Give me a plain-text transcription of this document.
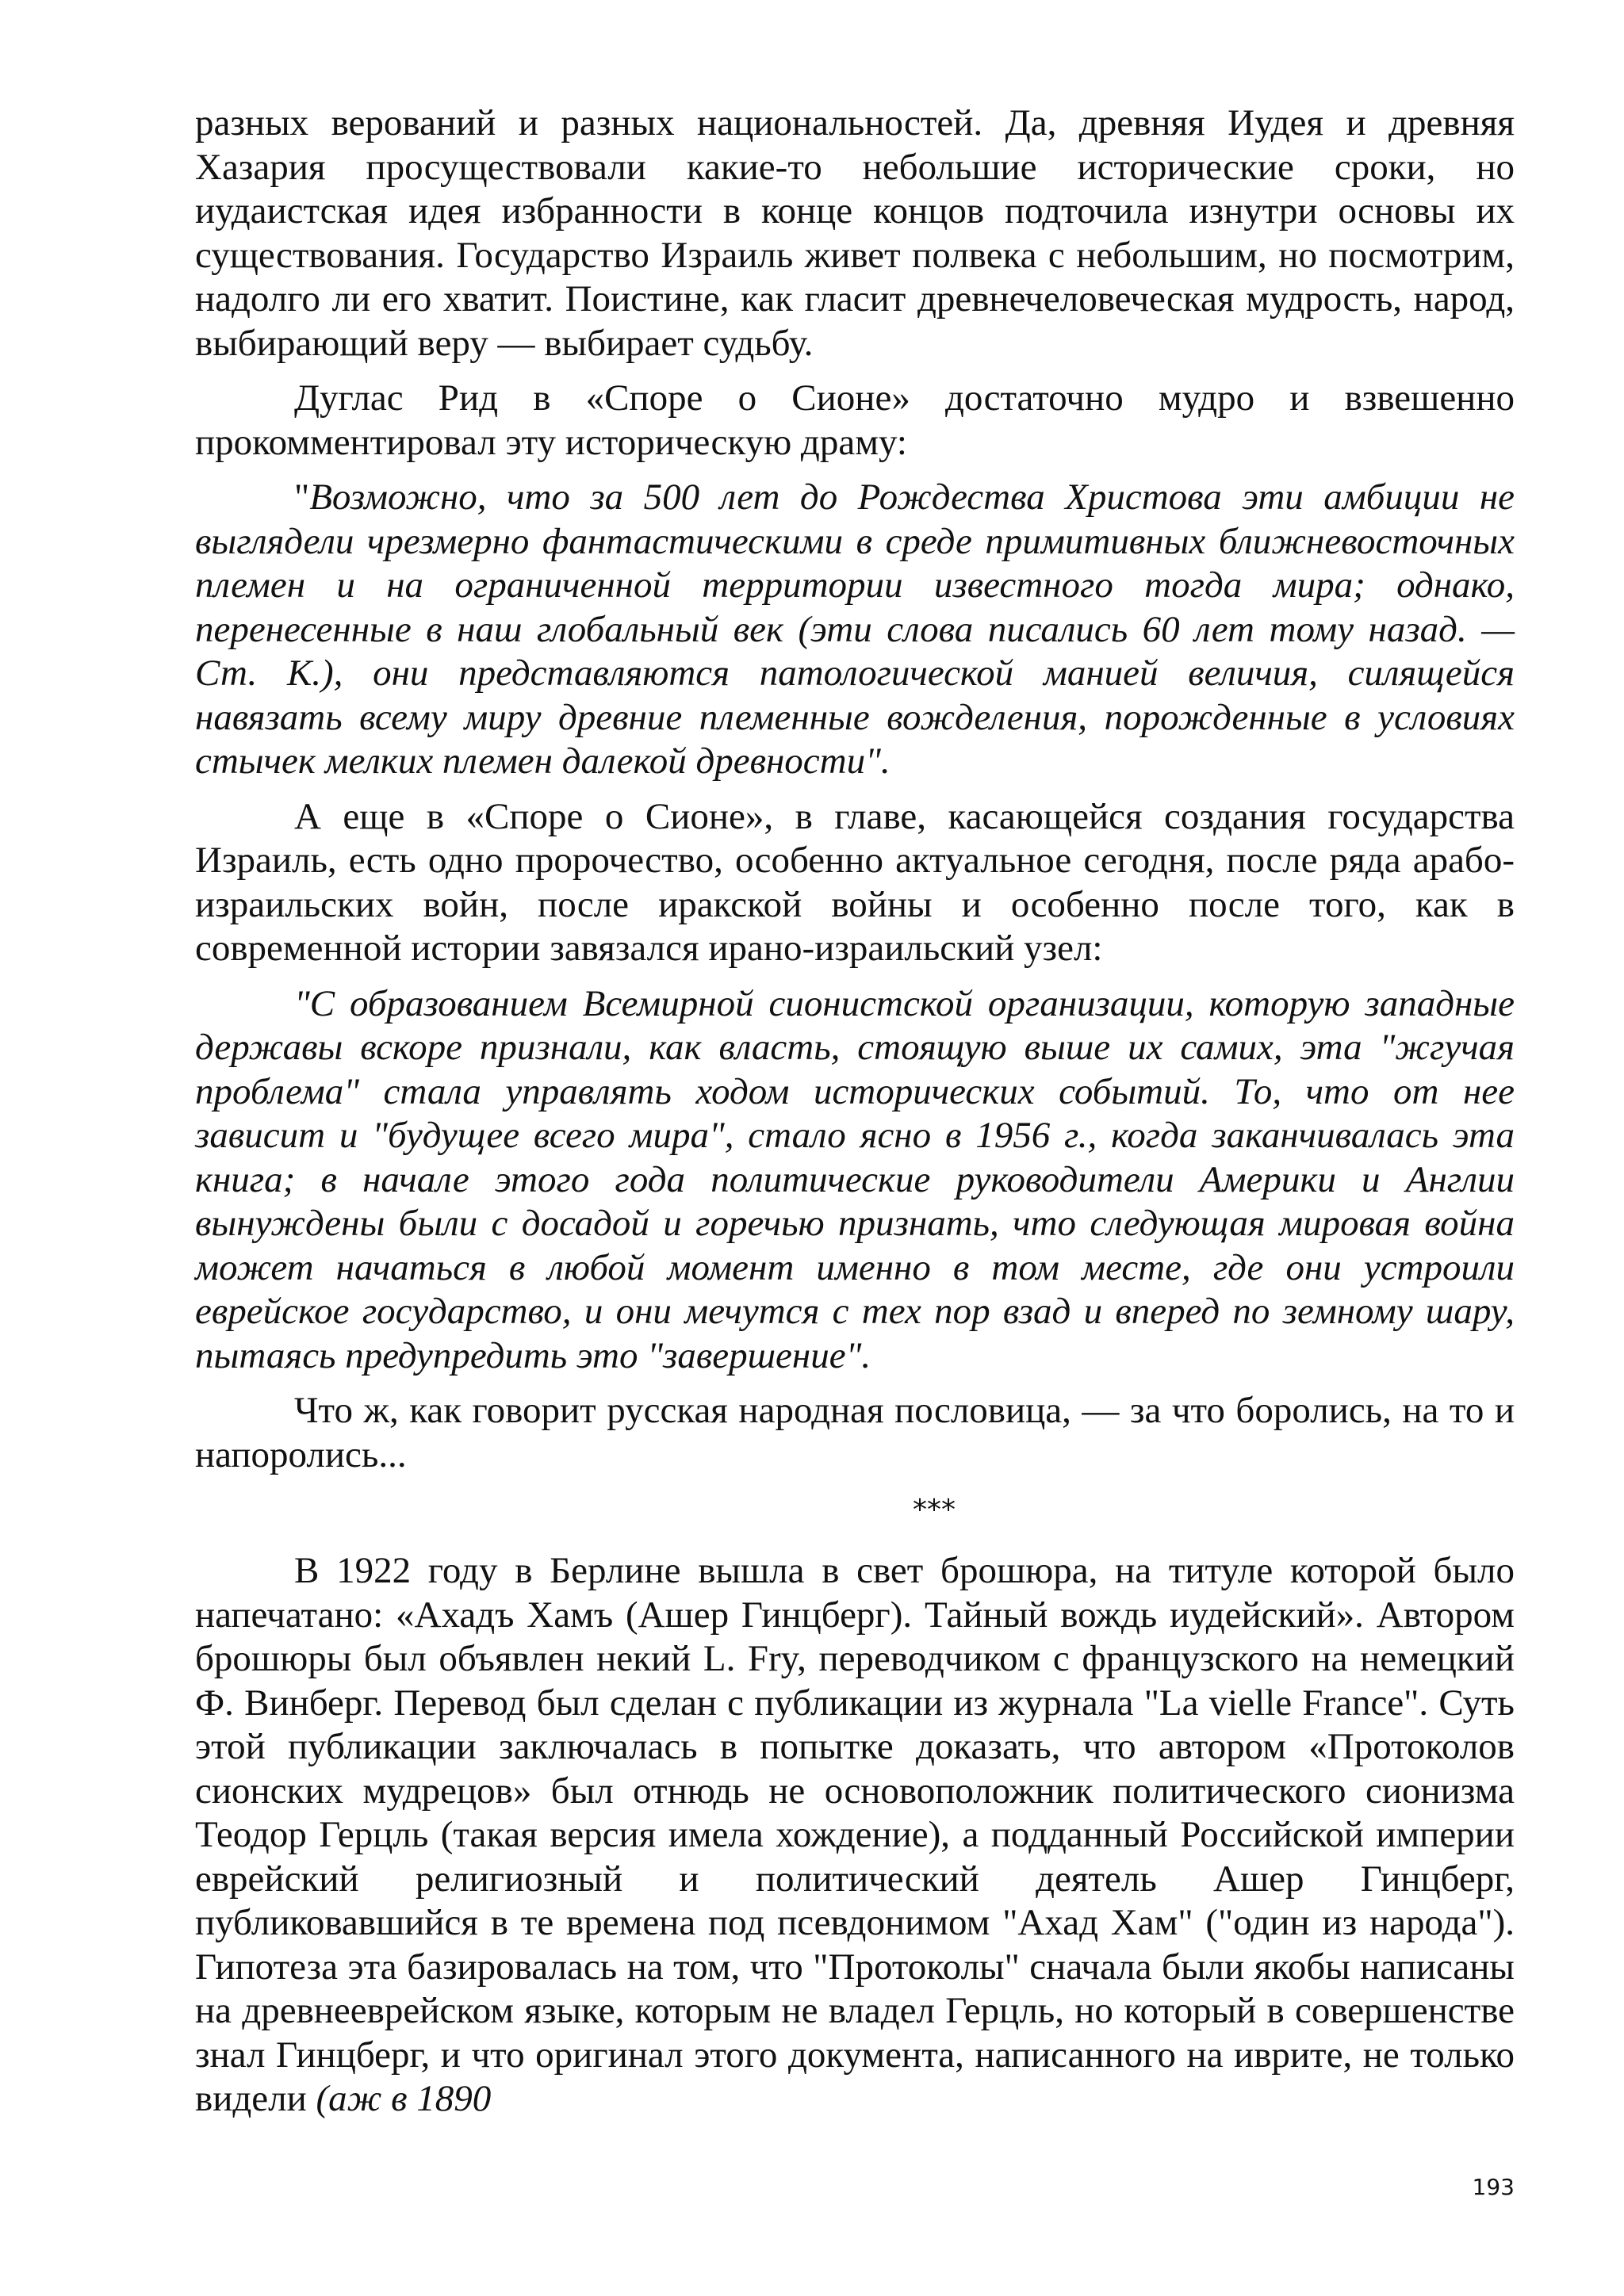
разных верований и разных национальностей. Да, древняя Иудея и древняя Хазария просуществовали какие-то небольшие исторические сроки, но иудаистская идея избранности в конце концов подточила изнутри основы их существования. Государство Израиль живет полвека с небольшим, но посмотрим, надолго ли его хватит. Поистине, как гласит древнечеловеческая мудрость, народ, выбирающий веру — выбирает судьбу.

Дуглас Рид в «Споре о Сионе» достаточно мудро и взвешенно прокомментировал эту историческую драму:

"Возможно, что за 500 лет до Рождества Христова эти амбиции не выглядели чрезмерно фантастическими в среде примитивных ближневосточных племен и на ограниченной территории известного тогда мира; однако, перенесенные в наш глобальный век (эти слова писались 60 лет тому назад. — Ст. К.), они представляются патологической манией величия, силящейся навязать всему миру древние племенные вожделения, порожденные в условиях стычек мелких племен далекой древности".

А еще в «Споре о Сионе», в главе, касающейся создания государства Израиль, есть одно пророчество, особенно актуальное сегодня, после ряда арабо-израильских войн, после иракской войны и особенно после того, как в современной истории завязался ирано-израильский узел:

"С образованием Всемирной сионистской организации, которую западные державы вскоре признали, как власть, стоящую выше их самих, эта "жгучая проблема" стала управлять ходом исторических событий. То, что от нее зависит и "будущее всего мира", стало ясно в 1956 г., когда заканчивалась эта книга; в начале этого года политические руководители Америки и Англии вынуждены были с досадой и горечью признать, что следующая мировая война может начаться в любой момент именно в том месте, где они устроили еврейское государство, и они мечутся с тех пор взад и вперед по земному шару, пытаясь предупредить это "завершение".

Что ж, как говорит русская народная пословица, — за что боролись, на то и напоролись...

***

В 1922 году в Берлине вышла в свет брошюра, на титуле которой было напечатано: «Ахадъ Хамъ (Ашер Гинцберг). Тайный вождь иудейский». Автором брошюры был объявлен некий L. Fry, переводчиком с французского на немецкий Ф. Винберг. Перевод был сделан с публикации из журнала "La vielle France". Суть этой публикации заключалась в попытке доказать, что автором «Протоколов сионских мудрецов» был отнюдь не основоположник политического сионизма Теодор Герцль (такая версия имела хождение), а подданный Российской империи еврейский религиозный и политический деятель Ашер Гинцберг, публиковавшийся в те времена под псевдонимом "Ахад Хам" ("один из народа"). Гипотеза эта базировалась на том, что "Протоколы" сначала были якобы написаны на древнееврейском языке, которым не владел Герцль, но который в совершенстве знал Гинцберг, и что оригинал этого документа, написанного на иврите, не только видели (аж в 1890

193
